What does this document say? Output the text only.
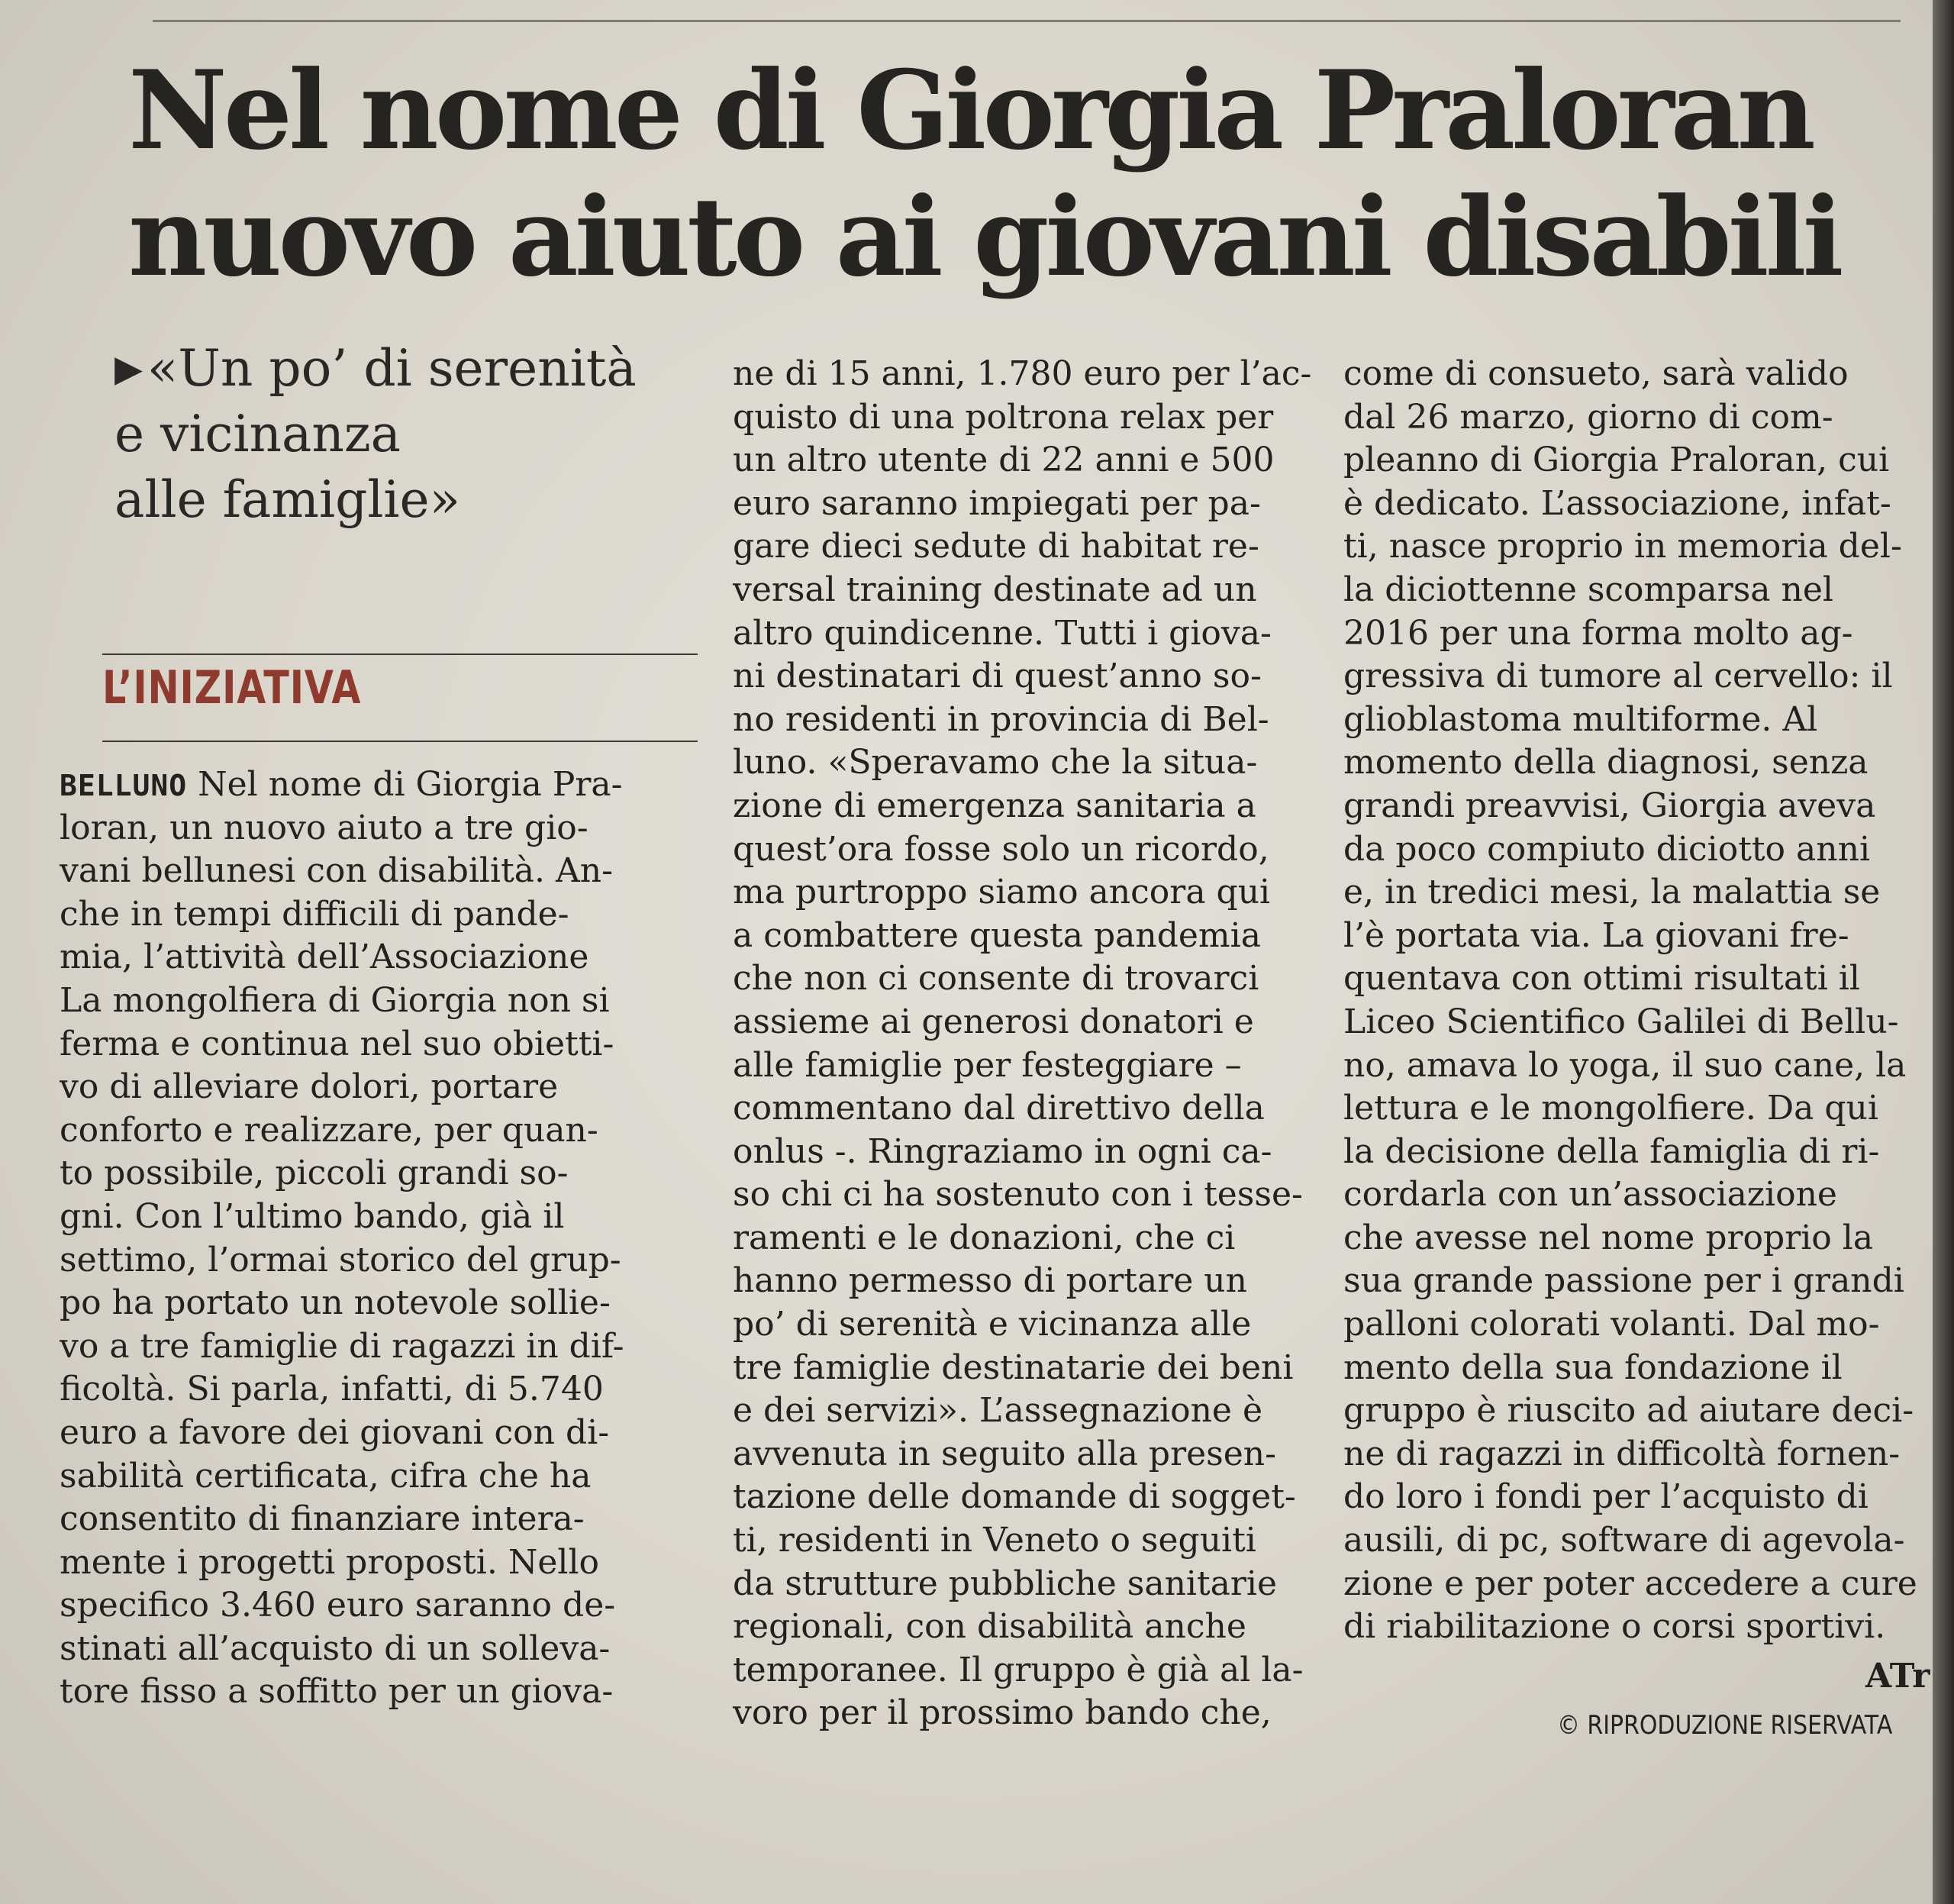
Nel nome di Giorgia Praloran
nuovo aiuto ai giovani disabili
▶«Un po’ di serenità
e vicinanza
alle famiglie»
L’INIZIATIVA
BELLUNO Nel nome di Giorgia Pra-
loran, un nuovo aiuto a tre gio-
vani bellunesi con disabilità. An-
che in tempi difficili di pande-
mia, l’attività dell’Associazione
La mongolfiera di Giorgia non si
ferma e continua nel suo obietti-
vo di alleviare dolori, portare
conforto e realizzare, per quan-
to possibile, piccoli grandi so-
gni. Con l’ultimo bando, già il
settimo, l’ormai storico del grup-
po ha portato un notevole sollie-
vo a tre famiglie di ragazzi in dif-
ficoltà. Si parla, infatti, di 5.740
euro a favore dei giovani con di-
sabilità certificata, cifra che ha
consentito di finanziare intera-
mente i progetti proposti. Nello
specifico 3.460 euro saranno de-
stinati all’acquisto di un solleva-
tore fisso a soffitto per un giova-
ne di 15 anni, 1.780 euro per l’ac-
quisto di una poltrona relax per
un altro utente di 22 anni e 500
euro saranno impiegati per pa-
gare dieci sedute di habitat re-
versal training destinate ad un
altro quindicenne. Tutti i giova-
ni destinatari di quest’anno so-
no residenti in provincia di Bel-
luno. «Speravamo che la situa-
zione di emergenza sanitaria a
quest’ora fosse solo un ricordo,
ma purtroppo siamo ancora qui
a combattere questa pandemia
che non ci consente di trovarci
assieme ai generosi donatori e
alle famiglie per festeggiare –
commentano dal direttivo della
onlus -. Ringraziamo in ogni ca-
so chi ci ha sostenuto con i tesse-
ramenti e le donazioni, che ci
hanno permesso di portare un
po’ di serenità e vicinanza alle
tre famiglie destinatarie dei beni
e dei servizi». L’assegnazione è
avvenuta in seguito alla presen-
tazione delle domande di sogget-
ti, residenti in Veneto o seguiti
da strutture pubbliche sanitarie
regionali, con disabilità anche
temporanee. Il gruppo è già al la-
voro per il prossimo bando che,
come di consueto, sarà valido
dal 26 marzo, giorno di com-
pleanno di Giorgia Praloran, cui
è dedicato. L’associazione, infat-
ti, nasce proprio in memoria del-
la diciottenne scomparsa nel
2016 per una forma molto ag-
gressiva di tumore al cervello: il
glioblastoma multiforme. Al
momento della diagnosi, senza
grandi preavvisi, Giorgia aveva
da poco compiuto diciotto anni
e, in tredici mesi, la malattia se
l’è portata via. La giovani fre-
quentava con ottimi risultati il
Liceo Scientifico Galilei di Bellu-
no, amava lo yoga, il suo cane, la
lettura e le mongolfiere. Da qui
la decisione della famiglia di ri-
cordarla con un’associazione
che avesse nel nome proprio la
sua grande passione per i grandi
palloni colorati volanti. Dal mo-
mento della sua fondazione il
gruppo è riuscito ad aiutare deci-
ne di ragazzi in difficoltà fornen-
do loro i fondi per l’acquisto di
ausili, di pc, software di agevola-
zione e per poter accedere a cure
di riabilitazione o corsi sportivi.
ATr
© RIPRODUZIONE RISERVATA
